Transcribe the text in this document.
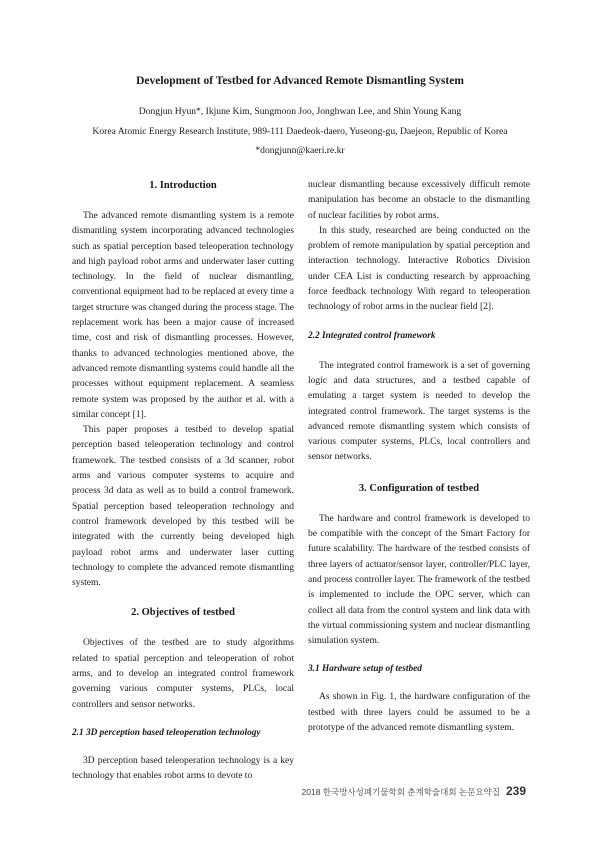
Development of Testbed for Advanced Remote Dismantling System
Dongjun Hyun*, Ikjune Kim, Sungmoon Joo, Jonghwan Lee, and Shin Young Kang
Korea Atomic Energy Research Institute, 989-111 Daedeok-daero, Yuseong-gu, Daejeon, Republic of Korea
*dongjunn@kaeri.re.kr
1. Introduction

The advanced remote dismantling system is a remote dismantling system incorporating advanced technologies such as spatial perception based teleoperation technology and high payload robot arms and underwater laser cutting technology. In the field of nuclear dismantling, conventional equipment had to be replaced at every time a target structure was changed during the process stage. The replacement work has been a major cause of increased time, cost and risk of dismantling processes. However, thanks to advanced technologies mentioned above, the advanced remote dismantling systems could handle all the processes without equipment replacement. A seamless remote system was proposed by the author et al. with a similar concept [1].

This paper proposes a testbed to develop spatial perception based teleoperation technology and control framework. The testbed consists of a 3d scanner, robot arms and various computer systems to acquire and process 3d data as well as to build a control framework. Spatial perception based teleoperation technology and control framework developed by this testbed will be integrated with the currently being developed high payload robot arms and underwater laser cutting technology to complete the advanced remote dismantling system.

2. Objectives of testbed

Objectives of the testbed are to study algorithms related to spatial perception and teleoperation of robot arms, and to develop an integrated control framework governing various computer systems, PLCs, local controllers and sensor networks.

2.1 3D perception based teleoperation technology

3D perception based teleoperation technology is a key technology that enables robot arms to devote to

nuclear dismantling because excessively difficult remote manipulation has become an obstacle to the dismantling of nuclear facilities by robot arms.

In this study, researched are being conducted on the problem of remote manipulation by spatial perception and interaction technology. Interactive Robotics Division under CEA List is conducting research by approaching force feedback technology With regard to teleoperation technology of robot arms in the nuclear field [2].

2.2 Integrated control framework

The integrated control framework is a set of governing logic and data structures, and a testbed capable of emulating a target system is needed to develop the integrated control framework. The target systems is the advanced remote dismantling system which consists of various computer systems, PLCs, local controllers and sensor networks.

3. Configuration of testbed

The hardware and control framework is developed to be compatible with the concept of the Smart Factory for future scalability. The hardware of the testbed consists of three layers of actuator/sensor layer, controller/PLC layer, and process controller layer. The framework of the testbed is implemented to include the OPC server, which can collect all data from the control system and link data with the virtual commissioning system and nuclear dismantling simulation system.

3.1 Hardware setup of testbed

As shown in Fig. 1, the hardware configuration of the testbed with three layers could be assumed to be a prototype of the advanced remote dismantling system.

2018 한국방사성폐기물학회 춘계학술대회 논문요약집 239
